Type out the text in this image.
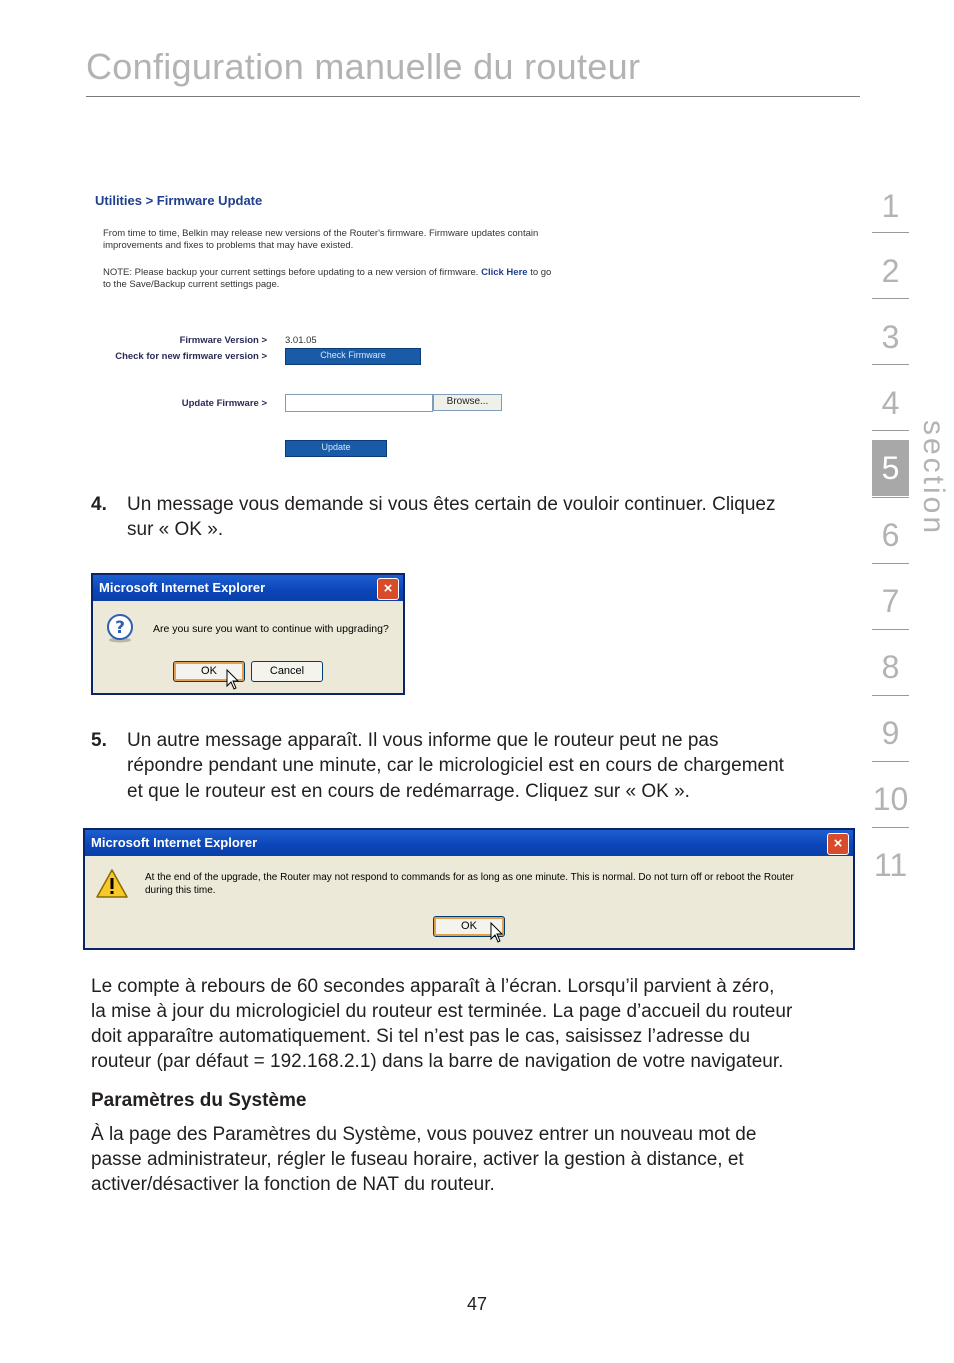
Configuration manuelle du routeur
1
2
3
4
5
6
7
8
9
10
11
section
Utilities > Firmware Update
From time to time, Belkin may release new versions of the Router's firmware. Firmware updates contain
improvements and fixes to problems that may have existed.
NOTE: Please backup your current settings before updating to a new version of firmware. Click Here to go
to the Save/Backup current settings page.
Firmware Version > 3.01.05
Check for new firmware version >	Check Firmware
Update Firmware >	Browse...
Update
4. Un message vous demande si vous êtes certain de vouloir continuer. Cliquez
sur « OK ».
Microsoft Internet Explorer	×
?	Are you sure you want to continue with upgrading?
OK	Cancel
5. Un autre message apparaît. Il vous informe que le routeur peut ne pas
répondre pendant une minute, car le micrologiciel est en cours de chargement
et que le routeur est en cours de redémarrage. Cliquez sur « OK ».
Microsoft Internet Explorer	×
At the end of the upgrade, the Router may not respond to commands for as long as one minute. This is normal. Do not turn off or reboot the Router
during this time.
OK
Le compte à rebours de 60 secondes apparaît à l’écran. Lorsqu’il parvient à zéro,
la mise à jour du micrologiciel du routeur est terminée. La page d’accueil du routeur
doit apparaître automatiquement. Si tel n’est pas le cas, saisissez l’adresse du
routeur (par défaut = 192.168.2.1) dans la barre de navigation de votre navigateur.
Paramètres du Système
À la page des Paramètres du Système, vous pouvez entrer un nouveau mot de
passe administrateur, régler le fuseau horaire, activer la gestion à distance, et
activer/désactiver la fonction de NAT du routeur.
47
